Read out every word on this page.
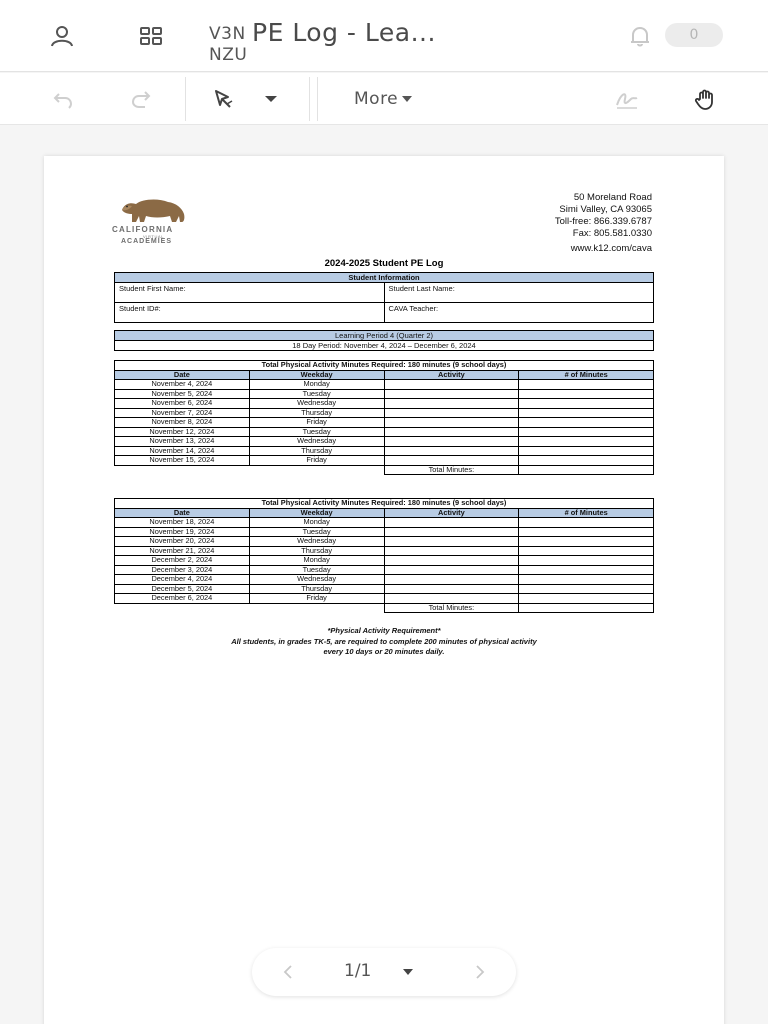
V3N NZU
PE Log - Lea...	0
More
CALIFORNIA
VIRTUAL
ACADEMIES
50 Moreland Road
Simi Valley, CA 93065
Toll-free: 866.339.6787
Fax: 805.581.0330
www.k12.com/cava
2024-2025 Student PE Log
Student Information	
Student First Name:	Student Last Name:
Student ID#:	CAVA Teacher:
Learning Period 4 (Quarter 2)
18 Day Period: November 4, 2024 – December 6, 2024
Total Physical Activity Minutes Required: 180 minutes (9 school days)			
Date	Weekday	Activity	# of Minutes
November 4, 2024	Monday		
November 5, 2024	Tuesday		
November 6, 2024	Wednesday		
November 7, 2024	Thursday		
November 8, 2024	Friday		
November 12, 2024	Tuesday		
November 13, 2024	Wednesday		
November 14, 2024	Thursday		
November 15, 2024	Friday		
		Total Minutes:	
Total Physical Activity Minutes Required: 180 minutes (9 school days)			
Date	Weekday	Activity	# of Minutes
November 18, 2024	Monday		
November 19, 2024	Tuesday		
November 20, 2024	Wednesday		
November 21, 2024	Thursday		
December 2, 2024	Monday		
December 3, 2024	Tuesday		
December 4, 2024	Wednesday		
December 5, 2024	Thursday		
December 6, 2024	Friday		
		Total Minutes:	
*Physical Activity Requirement*
All students, in grades TK-5, are required to complete 200 minutes of physical activity
every 10 days or 20 minutes daily.
1/1
